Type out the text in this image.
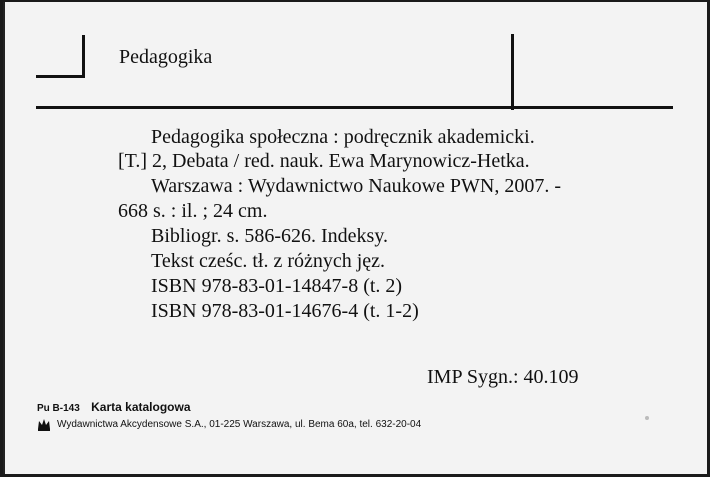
Pedagogika
Pedagogika społeczna : podręcznik akademicki.
[T.] 2, Debata / red. nauk. Ewa Marynowicz-Hetka.
Warszawa : Wydawnictwo Naukowe PWN, 2007. -
668 s. : il. ; 24 cm.
Bibliogr. s. 586-626. Indeksy.
Tekst cześc. tł. z różnych jęz.
ISBN 978-83-01-14847-8 (t. 2)
ISBN 978-83-01-14676-4 (t. 1-2)
IMP Sygn.: 40.109
Pu B-143 Karta katalogowa
Wydawnictwa Akcydensowe S.A., 01-225 Warszawa, ul. Bema 60a, tel. 632-20-04
